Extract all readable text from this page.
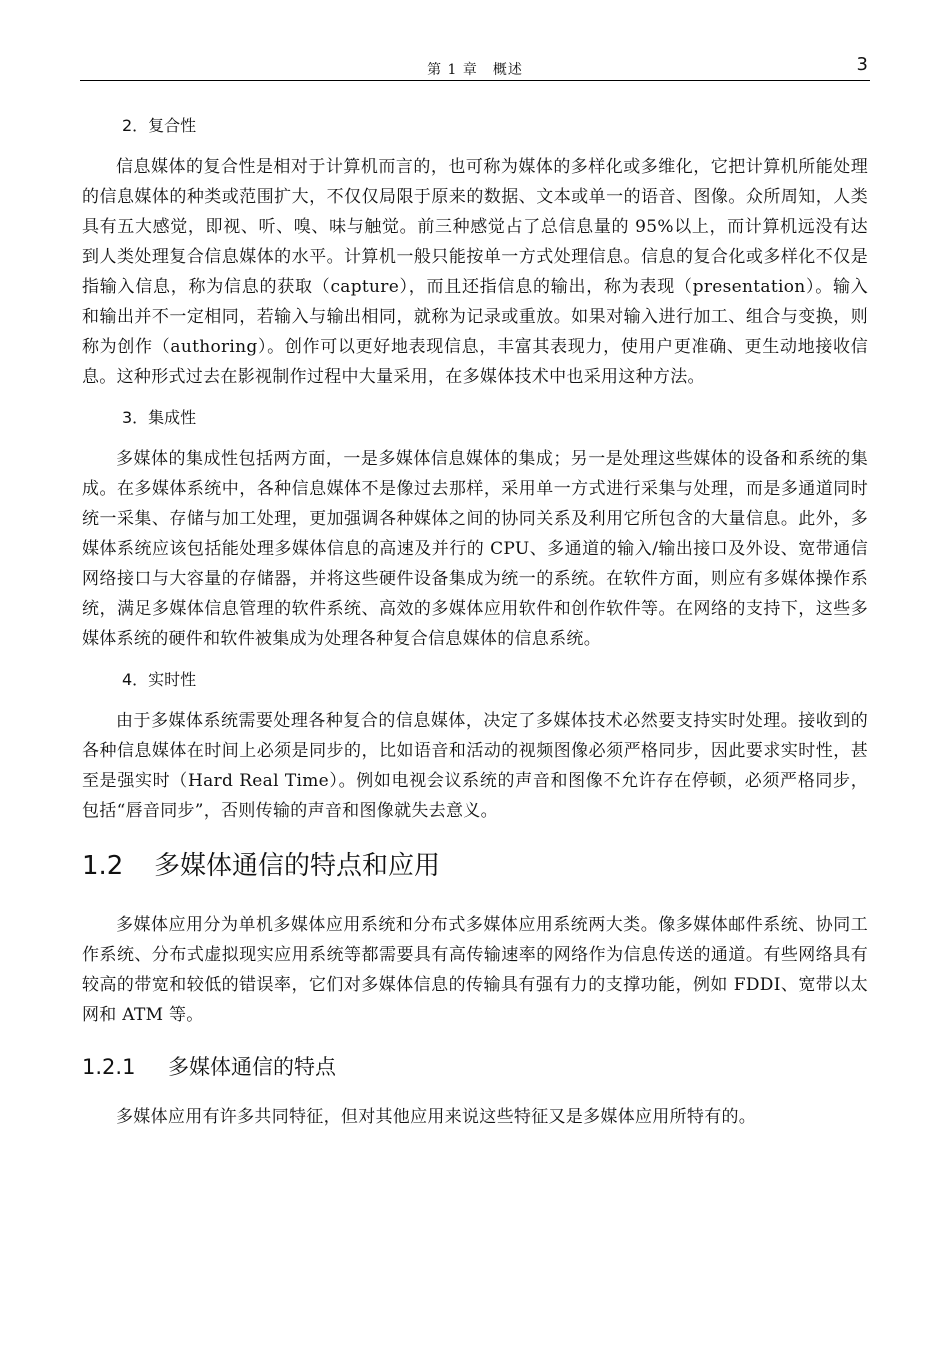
第 1 章　概述	3
2．复合性

信息媒体的复合性是相对于计算机而言的，也可称为媒体的多样化或多维化，它把计算机所能处理的信息媒体的种类或范围扩大，不仅仅局限于原来的数据、文本或单一的语音、图像。众所周知，人类具有五大感觉，即视、听、嗅、味与触觉。前三种感觉占了总信息量的 95%以上，而计算机远没有达到人类处理复合信息媒体的水平。计算机一般只能按单一方式处理信息。信息的复合化或多样化不仅是指输入信息，称为信息的获取（capture），而且还指信息的输出，称为表现（presentation）。输入和输出并不一定相同，若输入与输出相同，就称为记录或重放。如果对输入进行加工、组合与变换，则称为创作（authoring）。创作可以更好地表现信息，丰富其表现力，使用户更准确、更生动地接收信息。这种形式过去在影视制作过程中大量采用，在多媒体技术中也采用这种方法。

3．集成性

多媒体的集成性包括两方面，一是多媒体信息媒体的集成；另一是处理这些媒体的设备和系统的集成。在多媒体系统中，各种信息媒体不是像过去那样，采用单一方式进行采集与处理，而是多通道同时统一采集、存储与加工处理，更加强调各种媒体之间的协同关系及利用它所包含的大量信息。此外，多媒体系统应该包括能处理多媒体信息的高速及并行的 CPU、多通道的输入/输出接口及外设、宽带通信网络接口与大容量的存储器，并将这些硬件设备集成为统一的系统。在软件方面，则应有多媒体操作系统，满足多媒体信息管理的软件系统、高效的多媒体应用软件和创作软件等。在网络的支持下，这些多媒体系统的硬件和软件被集成为处理各种复合信息媒体的信息系统。

4．实时性

由于多媒体系统需要处理各种复合的信息媒体，决定了多媒体技术必然要支持实时处理。接收到的各种信息媒体在时间上必须是同步的，比如语音和活动的视频图像必须严格同步，因此要求实时性，甚至是强实时（Hard Real Time）。例如电视会议系统的声音和图像不允许存在停顿，必须严格同步，包括“唇音同步”，否则传输的声音和图像就失去意义。

1.2 多媒体通信的特点和应用

多媒体应用分为单机多媒体应用系统和分布式多媒体应用系统两大类。像多媒体邮件系统、协同工作系统、分布式虚拟现实应用系统等都需要具有高传输速率的网络作为信息传送的通道。有些网络具有较高的带宽和较低的错误率，它们对多媒体信息的传输具有强有力的支撑功能，例如 FDDI、宽带以太网和 ATM 等。

1.2.1 多媒体通信的特点

多媒体应用有许多共同特征，但对其他应用来说这些特征又是多媒体应用所特有的。
